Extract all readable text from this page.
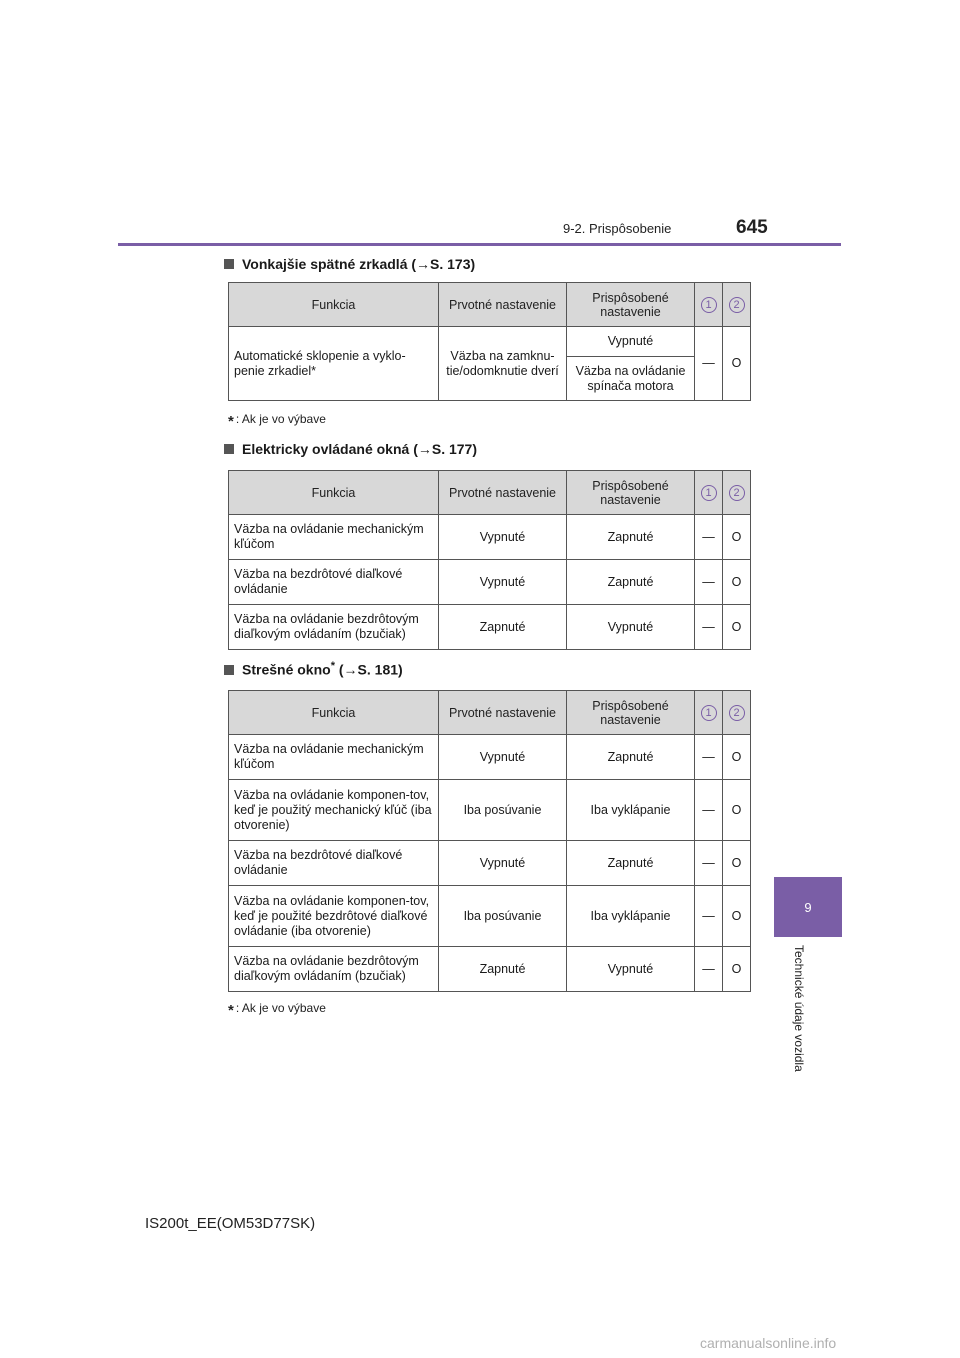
9-2. Prispôsobenie	645
9
Technické údaje vozidla
Vonkajšie spätné zrkadlá (→S. 173)
Funkcia	Prvotné nastavenie	Prispôsobené nastavenie	1	2
Automatické sklopenie a vyklo-penie zrkadiel*	Väzba na zamknu-tie/odomknutie dverí	Vypnuté	—	O
		Väzba na ovládanie spínača motora		
* : Ak je vo výbave
Elektricky ovládané okná (→S. 177)
Funkcia	Prvotné nastavenie	Prispôsobené nastavenie	1	2
Väzba na ovládanie mechanickým kľúčom	Vypnuté	Zapnuté	—	O
Väzba na bezdrôtové diaľkové ovládanie	Vypnuté	Zapnuté	—	O
Väzba na ovládanie bezdrôtovým diaľkovým ovládaním (bzučiak)	Zapnuté	Vypnuté	—	O
Strešné okno* (→S. 181)
Funkcia	Prvotné nastavenie	Prispôsobené nastavenie	1	2
Väzba na ovládanie mechanickým kľúčom	Vypnuté	Zapnuté	—	O
Väzba na ovládanie komponen-tov, keď je použitý mechanický kľúč (iba otvorenie)	Iba posúvanie	Iba vyklápanie	—	O
Väzba na bezdrôtové diaľkové ovládanie	Vypnuté	Zapnuté	—	O
Väzba na ovládanie komponen-tov, keď je použité bezdrôtové diaľkové ovládanie (iba otvorenie)	Iba posúvanie	Iba vyklápanie	—	O
Väzba na ovládanie bezdrôtovým diaľkovým ovládaním (bzučiak)	Zapnuté	Vypnuté	—	O
* : Ak je vo výbave
IS200t_EE(OM53D77SK)
carmanualsonline.info
